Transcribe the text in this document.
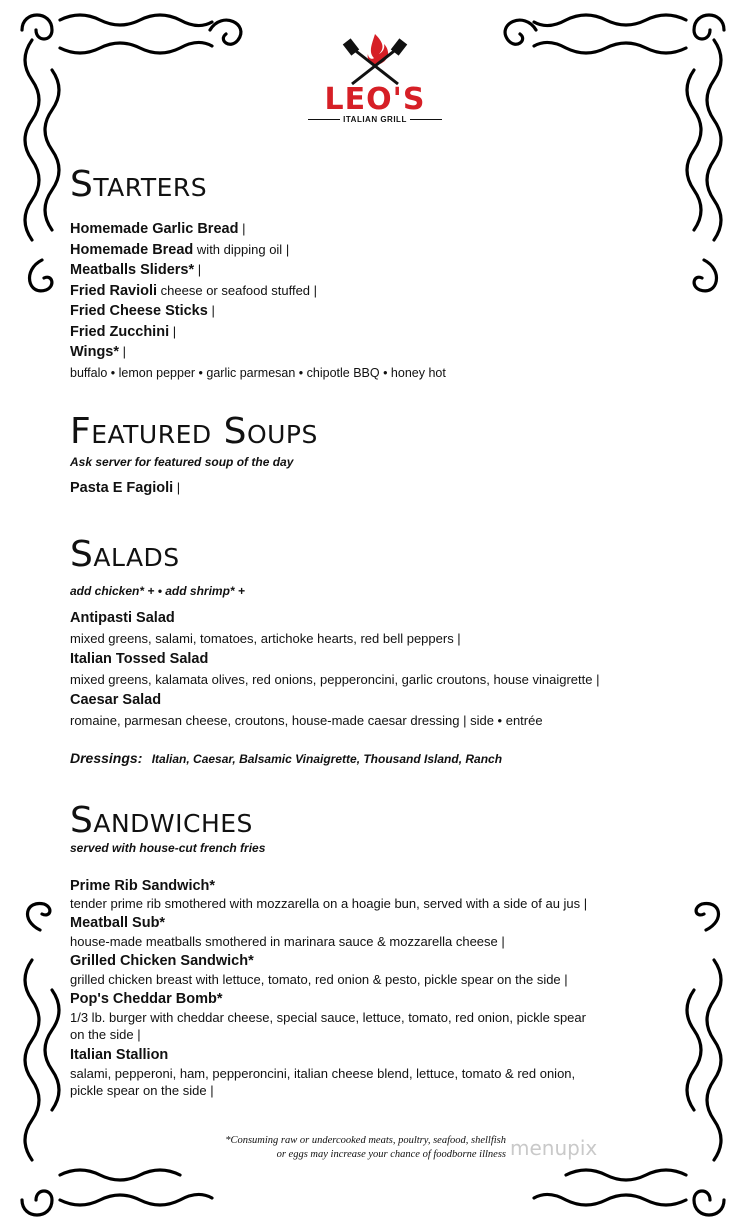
LEO'S
ITALIAN GRILL
Starters
Homemade Garlic Bread |
Homemade Bread with dipping oil |
Meatballs Sliders* |
Fried Ravioli cheese or seafood stuffed |
Fried Cheese Sticks |
Fried Zucchini |
Wings* |
buffalo • lemon pepper • garlic parmesan • chipotle BBQ • honey hot
Featured Soups
Ask server for featured soup of the day
Pasta E Fagioli |
Salads
add chicken* + • add shrimp* +
Antipasti Salad
mixed greens, salami, tomatoes, artichoke hearts, red bell peppers |
Italian Tossed Salad
mixed greens, kalamata olives, red onions, pepperoncini, garlic croutons, house vinaigrette |
Caesar Salad
romaine, parmesan cheese, croutons, house-made caesar dressing | side • entrée
Dressings: Italian, Caesar, Balsamic Vinaigrette, Thousand Island, Ranch
Sandwiches
served with house-cut french fries
Prime Rib Sandwich*
tender prime rib smothered with mozzarella on a hoagie bun, served with a side of au jus |
Meatball Sub*
house-made meatballs smothered in marinara sauce & mozzarella cheese |
Grilled Chicken Sandwich*
grilled chicken breast with lettuce, tomato, red onion & pesto, pickle spear on the side |
Pop's Cheddar Bomb*
1/3 lb. burger with cheddar cheese, special sauce, lettuce, tomato, red onion, pickle spear
on the side |
Italian Stallion
salami, pepperoni, ham, pepperoncini, italian cheese blend, lettuce, tomato & red onion,
pickle spear on the side |
*Consuming raw or undercooked meats, poultry, seafood, shellfish
or eggs may increase your chance of foodborne illness menupix
